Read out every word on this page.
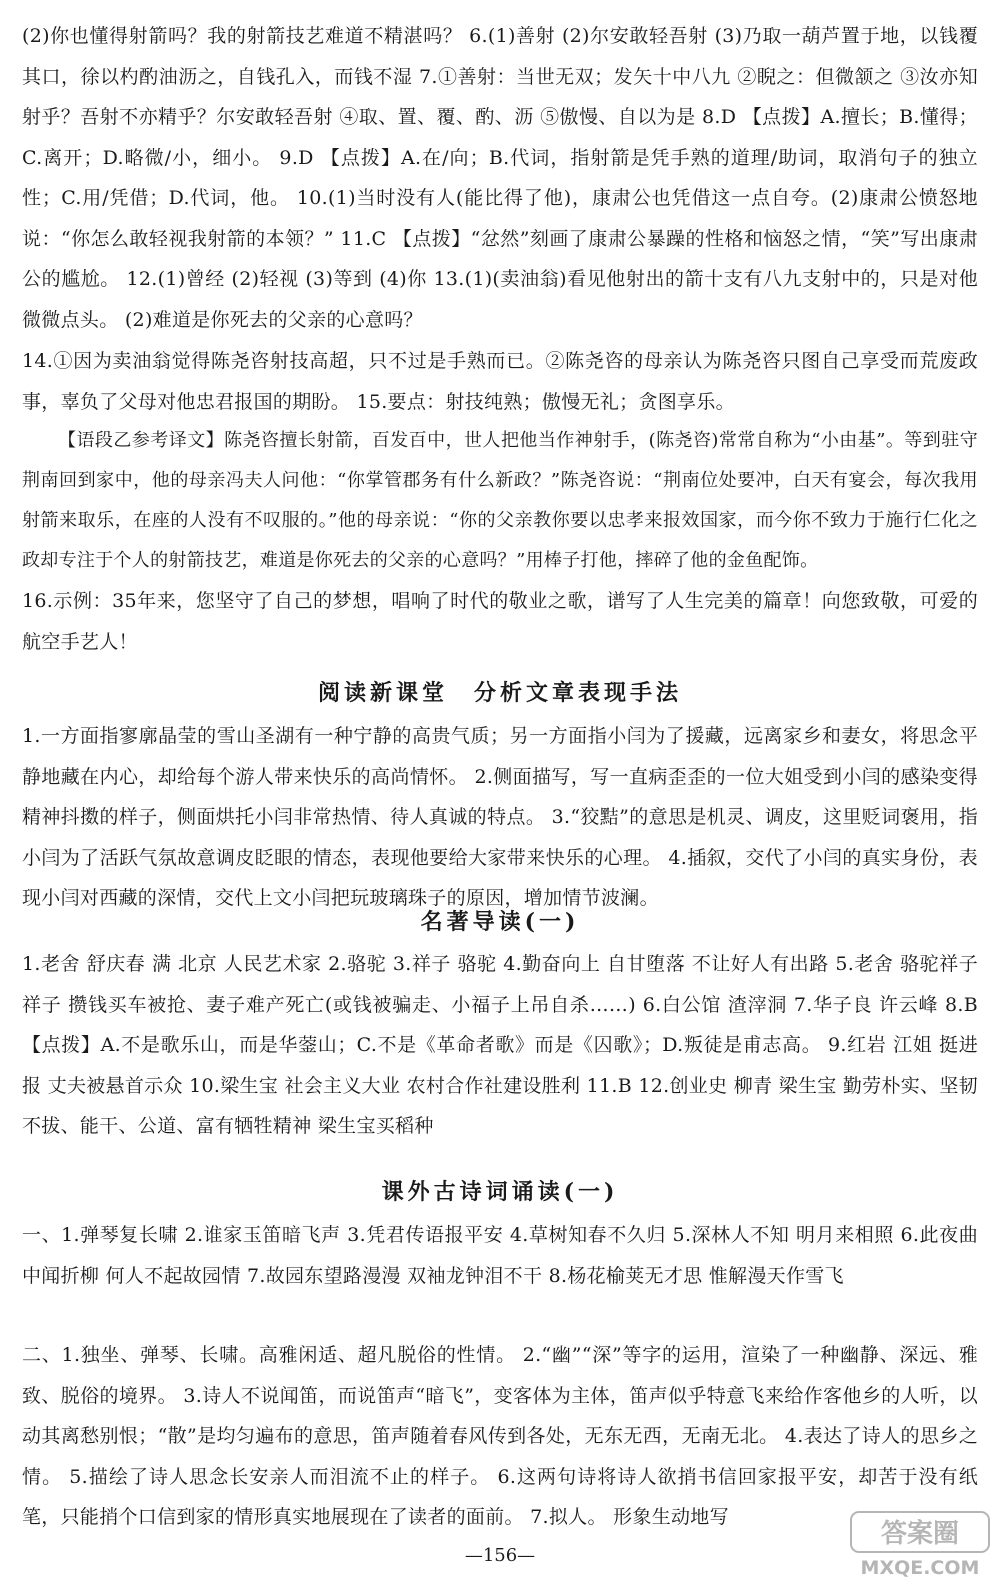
(2)你也懂得射箭吗？我的射箭技艺难道不精湛吗？ 6.(1)善射 (2)尔安敢轻吾射 (3)乃取一葫芦置于地，以钱覆其口，徐以杓酌油沥之，自钱孔入，而钱不湿 7.①善射：当世无双；发矢十中八九 ②睨之：但微颔之 ③汝亦知射乎？吾射不亦精乎？尔安敢轻吾射 ④取、置、覆、酌、沥 ⑤傲慢、自以为是 8.D 【点拨】A.擅长；B.懂得；C.离开；D.略微/小，细小。 9.D 【点拨】A.在/向；B.代词，指射箭是凭手熟的道理/助词，取消句子的独立性；C.用/凭借；D.代词，他。 10.(1)当时没有人(能比得了他)，康肃公也凭借这一点自夸。(2)康肃公愤怒地说：“你怎么敢轻视我射箭的本领？” 11.C 【点拨】“忿然”刻画了康肃公暴躁的性格和恼怒之情，“笑”写出康肃公的尴尬。 12.(1)曾经 (2)轻视 (3)等到 (4)你 13.(1)(卖油翁)看见他射出的箭十支有八九支射中的，只是对他微微点头。 (2)难道是你死去的父亲的心意吗？

14.①因为卖油翁觉得陈尧咨射技高超，只不过是手熟而已。②陈尧咨的母亲认为陈尧咨只图自己享受而荒废政事，辜负了父母对他忠君报国的期盼。 15.要点：射技纯熟；傲慢无礼；贪图享乐。

【语段乙参考译文】陈尧咨擅长射箭，百发百中，世人把他当作神射手，(陈尧咨)常常自称为“小由基”。等到驻守荆南回到家中，他的母亲冯夫人问他：“你掌管郡务有什么新政？”陈尧咨说：“荆南位处要冲，白天有宴会，每次我用射箭来取乐，在座的人没有不叹服的。”他的母亲说：“你的父亲教你要以忠孝来报效国家，而今你不致力于施行仁化之政却专注于个人的射箭技艺，难道是你死去的父亲的心意吗？”用棒子打他，摔碎了他的金鱼配饰。

16.示例：35年来，您坚守了自己的梦想，唱响了时代的敬业之歌，谱写了人生完美的篇章！向您致敬，可爱的航空手艺人！

阅读新课堂　分析文章表现手法

1.一方面指寥廓晶莹的雪山圣湖有一种宁静的高贵气质；另一方面指小闫为了援藏，远离家乡和妻女，将思念平静地藏在内心，却给每个游人带来快乐的高尚情怀。 2.侧面描写，写一直病歪歪的一位大姐受到小闫的感染变得精神抖擞的样子，侧面烘托小闫非常热情、待人真诚的特点。 3.“狡黠”的意思是机灵、调皮，这里贬词褒用，指小闫为了活跃气氛故意调皮眨眼的情态，表现他要给大家带来快乐的心理。 4.插叙，交代了小闫的真实身份，表现小闫对西藏的深情，交代上文小闫把玩玻璃珠子的原因，增加情节波澜。

名著导读(一)

1.老舍 舒庆春 满 北京 人民艺术家 2.骆驼 3.祥子 骆驼 4.勤奋向上 自甘堕落 不让好人有出路 5.老舍 骆驼祥子 祥子 攒钱买车被抢、妻子难产死亡(或钱被骗走、小福子上吊自杀……) 6.白公馆 渣滓洞 7.华子良 许云峰 8.B 【点拨】A.不是歌乐山，而是华蓥山；C.不是《革命者歌》而是《囚歌》；D.叛徒是甫志高。 9.红岩 江姐 挺进报 丈夫被悬首示众 10.梁生宝 社会主义大业 农村合作社建设胜利 11.B 12.创业史 柳青 梁生宝 勤劳朴实、坚韧不拔、能干、公道、富有牺牲精神 梁生宝买稻种

课外古诗词诵读(一)

一、1.弹琴复长啸 2.谁家玉笛暗飞声 3.凭君传语报平安 4.草树知春不久归 5.深林人不知 明月来相照 6.此夜曲中闻折柳 何人不起故园情 7.故园东望路漫漫 双袖龙钟泪不干 8.杨花榆荚无才思 惟解漫天作雪飞

二、1.独坐、弹琴、长啸。高雅闲适、超凡脱俗的性情。 2.“幽”“深”等字的运用，渲染了一种幽静、深远、雅致、脱俗的境界。 3.诗人不说闻笛，而说笛声“暗飞”，变客体为主体，笛声似乎特意飞来给作客他乡的人听，以动其离愁别恨；“散”是均匀遍布的意思，笛声随着春风传到各处，无东无西，无南无北。 4.表达了诗人的思乡之情。 5.描绘了诗人思念长安亲人而泪流不止的样子。 6.这两句诗将诗人欲捎书信回家报平安，却苦于没有纸笔，只能捎个口信到家的情形真实地展现在了读者的面前。 7.拟人。 形象生动地写

—156—

答案圈
MXQE.COM
